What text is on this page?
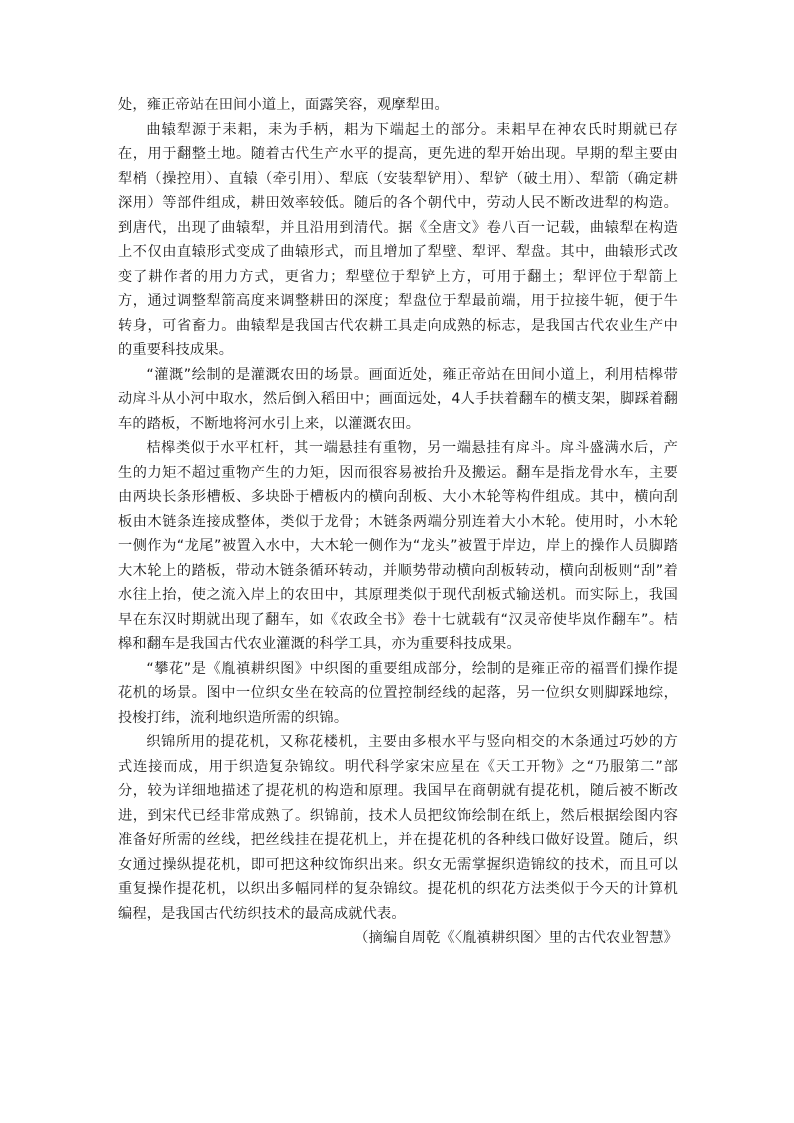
处，雍正帝站在田间小道上，面露笑容，观摩犁田。

曲辕犁源于耒耜，耒为手柄，耜为下端起土的部分。耒耜早在神农氏时期就已存在，用于翻整土地。随着古代生产水平的提高，更先进的犁开始出现。早期的犁主要由犁梢（操控用）、直辕（牵引用）、犁底（安装犁铲用）、犁铲（破土用）、犁箭（确定耕深用）等部件组成，耕田效率较低。随后的各个朝代中，劳动人民不断改进犁的构造。到唐代，出现了曲辕犁，并且沿用到清代。据《全唐文》卷八百一记载，曲辕犁在构造上不仅由直辕形式变成了曲辕形式，而且增加了犁壁、犁评、犁盘。其中，曲辕形式改变了耕作者的用力方式，更省力；犁壁位于犁铲上方，可用于翻土；犁评位于犁箭上方，通过调整犁箭高度来调整耕田的深度；犁盘位于犁最前端，用于拉接牛轭，便于牛转身，可省畜力。曲辕犁是我国古代农耕工具走向成熟的标志，是我国古代农业生产中的重要科技成果。

“灌溉”绘制的是灌溉农田的场景。画面近处，雍正帝站在田间小道上，利用桔槔带动戽斗从小河中取水，然后倒入稻田中；画面远处，4人手扶着翻车的横支架，脚踩着翻车的踏板，不断地将河水引上来，以灌溉农田。

桔槔类似于水平杠杆，其一端悬挂有重物，另一端悬挂有戽斗。戽斗盛满水后，产生的力矩不超过重物产生的力矩，因而很容易被抬升及搬运。翻车是指龙骨水车，主要由两块长条形槽板、多块卧于槽板内的横向刮板、大小木轮等构件组成。其中，横向刮板由木链条连接成整体，类似于龙骨；木链条两端分别连着大小木轮。使用时，小木轮一侧作为“龙尾”被置入水中，大木轮一侧作为“龙头”被置于岸边，岸上的操作人员脚踏大木轮上的踏板，带动木链条循环转动，并顺势带动横向刮板转动，横向刮板则“刮”着水往上抬，使之流入岸上的农田中，其原理类似于现代刮板式输送机。而实际上，我国早在东汉时期就出现了翻车，如《农政全书》卷十七就载有“汉灵帝使毕岚作翻车”。桔槔和翻车是我国古代农业灌溉的科学工具，亦为重要科技成果。

“攀花”是《胤禛耕织图》中织图的重要组成部分，绘制的是雍正帝的福晋们操作提花机的场景。图中一位织女坐在较高的位置控制经线的起落，另一位织女则脚踩地综，投梭打纬，流利地织造所需的织锦。

织锦所用的提花机，又称花楼机，主要由多根水平与竖向相交的木条通过巧妙的方式连接而成，用于织造复杂锦纹。明代科学家宋应星在《天工开物》之“乃服第二”部分，较为详细地描述了提花机的构造和原理。我国早在商朝就有提花机，随后被不断改进，到宋代已经非常成熟了。织锦前，技术人员把纹饰绘制在纸上，然后根据绘图内容准备好所需的丝线，把丝线挂在提花机上，并在提花机的各种线口做好设置。随后，织女通过操纵提花机，即可把这种纹饰织出来。织女无需掌握织造锦纹的技术，而且可以重复操作提花机，以织出多幅同样的复杂锦纹。提花机的织花方法类似于今天的计算机编程，是我国古代纺织技术的最高成就代表。

（摘编自周乾《〈胤禛耕织图〉里的古代农业智慧》
